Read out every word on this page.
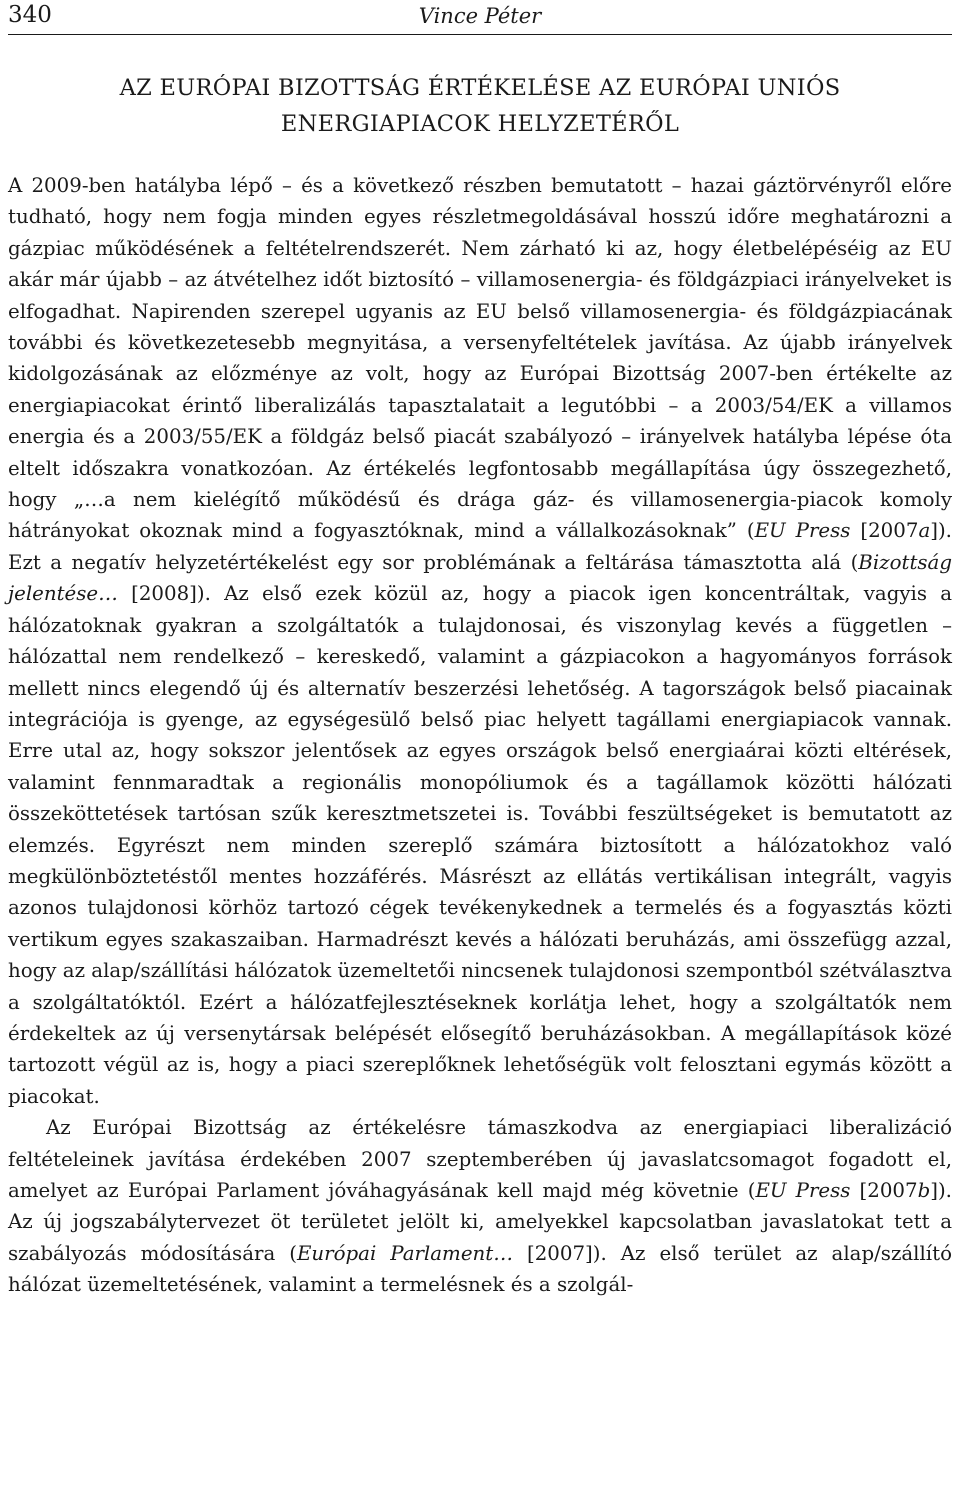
340	Vince Péter
AZ EURÓPAI BIZOTTSÁG ÉRTÉKELÉSE AZ EURÓPAI UNIÓS ENERGIAPIACOK HELYZETÉRŐL

A 2009-ben hatályba lépő – és a következő részben bemutatott – hazai gáztörvényről előre tudható, hogy nem fogja minden egyes részletmegoldásával hosszú időre meghatározni a gázpiac működésének a feltételrendszerét. Nem zárható ki az, hogy életbelépéséig az EU akár már újabb – az átvételhez időt biztosító – villamosenergia- és földgázpiaci irányelveket is elfogadhat. Napirenden szerepel ugyanis az EU belső villamosenergia- és földgázpiacának további és következetesebb megnyitása, a versenyfeltételek javítása. Az újabb irányelvek kidolgozásának az előzménye az volt, hogy az Európai Bizottság 2007-ben értékelte az energiapiacokat érintő liberalizálás tapasztalatait a legutóbbi – a 2003/54/EK a villamos energia és a 2003/55/EK a földgáz belső piacát szabályozó – irányelvek hatályba lépése óta eltelt időszakra vonatkozóan. Az értékelés legfontosabb megállapítása úgy összegezhető, hogy „…a nem kielégítő működésű és drága gáz- és villamosenergia-piacok komoly hátrányokat okoznak mind a fogyasztóknak, mind a vállalkozásoknak” (EU Press [2007a]). Ezt a negatív helyzetértékelést egy sor problémának a feltárása támasztotta alá (Bizottság jelentése… [2008]). Az első ezek közül az, hogy a piacok igen koncentráltak, vagyis a hálózatoknak gyakran a szolgáltatók a tulajdonosai, és viszonylag kevés a független – hálózattal nem rendelkező – kereskedő, valamint a gázpiacokon a hagyományos források mellett nincs elegendő új és alternatív beszerzési lehetőség. A tagországok belső piacainak integrációja is gyenge, az egységesülő belső piac helyett tagállami energiapiacok vannak. Erre utal az, hogy sokszor jelentősek az egyes országok belső energiaárai közti eltérések, valamint fennmaradtak a regionális monopóliumok és a tagállamok közötti hálózati összeköttetések tartósan szűk keresztmetszetei is. További feszültségeket is bemutatott az elemzés. Egyrészt nem minden szereplő számára biztosított a hálózatokhoz való megkülönböztetéstől mentes hozzáférés. Másrészt az ellátás vertikálisan integrált, vagyis azonos tulajdonosi körhöz tartozó cégek tevékenykednek a termelés és a fogyasztás közti vertikum egyes szakaszaiban. Harmadrészt kevés a hálózati beruházás, ami összefügg azzal, hogy az alap/szállítási hálózatok üzemeltetői nincsenek tulajdonosi szempontból szétválasztva a szolgáltatóktól. Ezért a hálózatfejlesztéseknek korlátja lehet, hogy a szolgáltatók nem érdekeltek az új versenytársak belépését elősegítő beruházásokban. A megállapítások közé tartozott végül az is, hogy a piaci szereplőknek lehetőségük volt felosztani egymás között a piacokat.

Az Európai Bizottság az értékelésre támaszkodva az energiapiaci liberalizáció feltételeinek javítása érdekében 2007 szeptemberében új javaslatcsomagot fogadott el, amelyet az Európai Parlament jóváhagyásának kell majd még követnie (EU Press [2007b]). Az új jogszabálytervezet öt területet jelölt ki, amelyekkel kapcsolatban javaslatokat tett a szabályozás módosítására (Európai Parlament… [2007]). Az első terület az alap/szállító hálózat üzemeltetésének, valamint a termelésnek és a szolgál-
